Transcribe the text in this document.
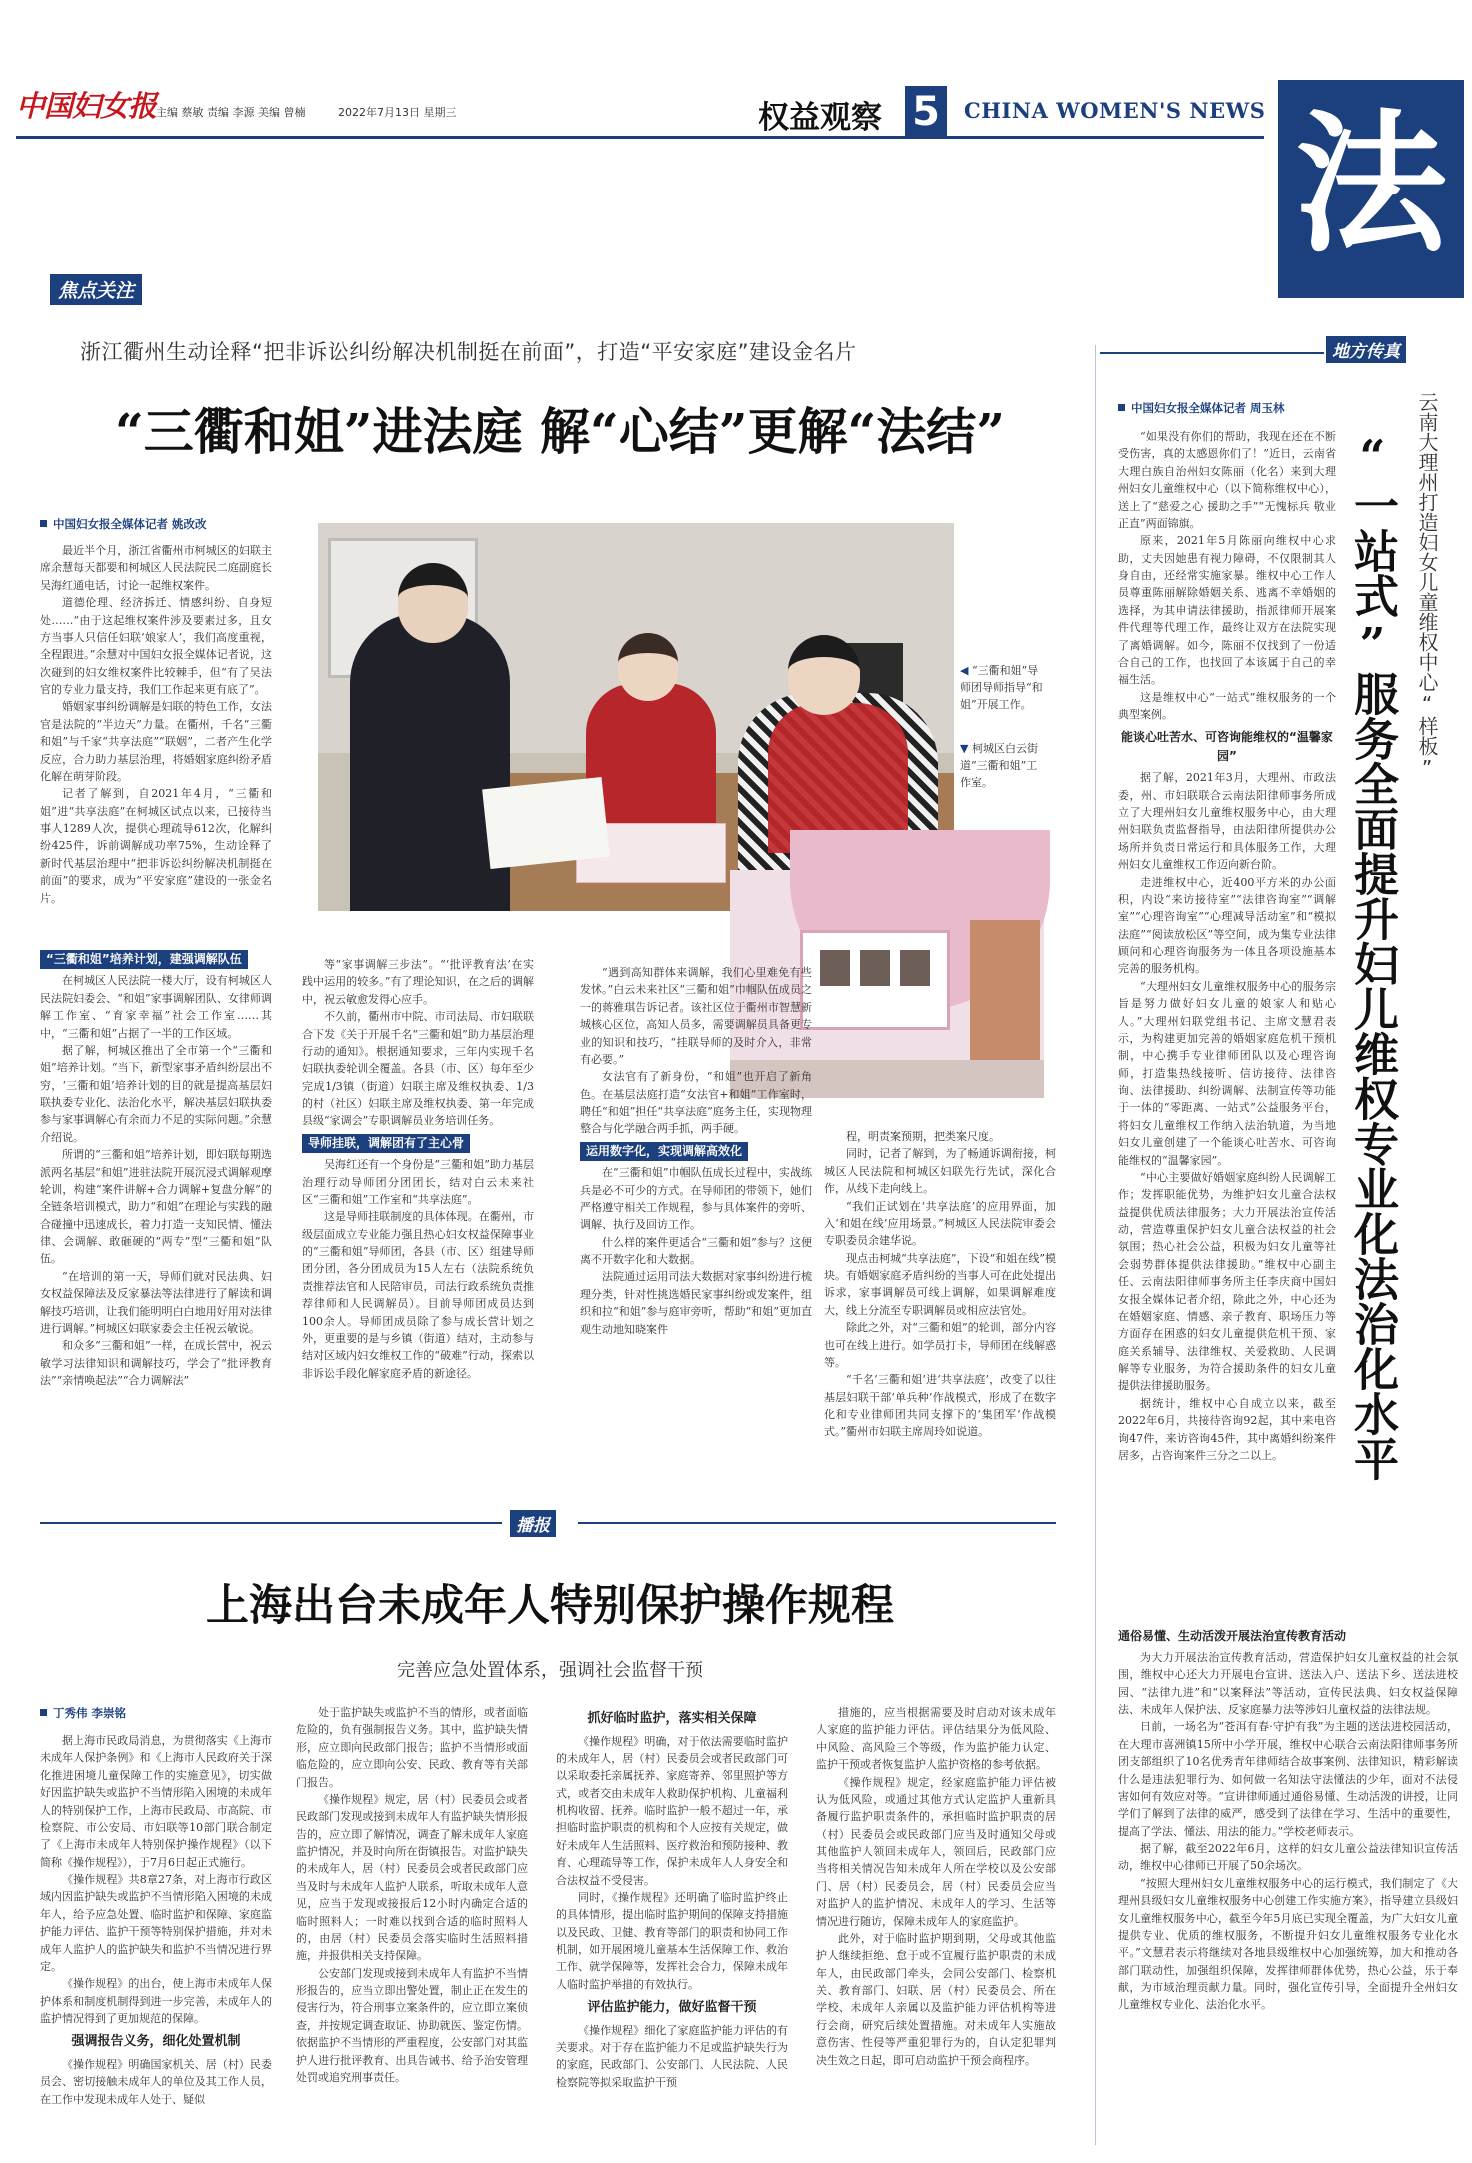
中国妇女报 主编 蔡敏 责编 李源 美编 曾楠	2022年7月13日 星期三	权益观察 5	CHINA WOMEN'S NEWS 法
焦点关注
浙江衢州生动诠释“把非诉讼纠纷解决机制挺在前面”，打造“平安家庭”建设金名片
“三衢和姐”进法庭 解“心结”更解“法结”
中国妇女报全媒体记者 姚改改

最近半个月，浙江省衢州市柯城区的妇联主席余慧每天都要和柯城区人民法院民二庭副庭长吴海红通电话，讨论一起维权案件。

道德伦理、经济拆迁、情感纠纷、自身短处……“由于这起维权案件涉及要素过多，且女方当事人只信任妇联‘娘家人’，我们高度重视，全程跟进。”余慧对中国妇女报全媒体记者说，这次碰到的妇女维权案件比较棘手，但“有了吴法官的专业力量支持，我们工作起来更有底了”。

婚姻家事纠纷调解是妇联的特色工作，女法官是法院的“半边天”力量。在衢州，千名“三衢和姐”与千家“共享法庭”“联姻”，二者产生化学反应，合力助力基层治理，将婚姻家庭纠纷矛盾化解在萌芽阶段。

记者了解到，自2021年4月，“三衢和姐”进“共享法庭”在柯城区试点以来，已接待当事人1289人次，提供心理疏导612次，化解纠纷425件，诉前调解成功率75%，生动诠释了新时代基层治理中“把非诉讼纠纷解决机制挺在前面”的要求，成为“平安家庭”建设的一张金名片。

◀ “三衢和姐”导师团导师指导“和姐”开展工作。
▼ 柯城区白云街道“三衢和姐”工作室。
“三衢和姐”培养计划，建强调解队伍

在柯城区人民法院一楼大厅，设有柯城区人民法院妇委会、“和姐”家事调解团队、女律师调解工作室、“育家幸福”社会工作室……其中，“三衢和姐”占据了一半的工作区域。

据了解，柯城区推出了全市第一个“三衢和姐”培养计划。“当下，新型家事矛盾纠纷层出不穷，‘三衢和姐’培养计划的目的就是提高基层妇联执委专业化、法治化水平，解决基层妇联执委参与家事调解心有余而力不足的实际问题。”余慧介绍说。

所谓的“三衢和姐”培养计划，即妇联每期选派两名基层“和姐”进驻法院开展沉浸式调解观摩轮训，构建“案件讲解+合力调解+复盘分解”的全链条培训模式，助力“和姐”在理论与实践的融合碰撞中迅速成长，着力打造一支知民情、懂法律、会调解、敢砸硬的“两专”型“三衢和姐”队伍。

“在培训的第一天，导师们就对民法典、妇女权益保障法及反家暴法等法律进行了解读和调解技巧培训，让我们能明明白白地用好用对法律进行调解。”柯城区妇联家委会主任祝云敏说。

和众多“三衢和姐”一样，在成长营中，祝云敏学习法律知识和调解技巧，学会了“批评教育法”“亲情唤起法”“合力调解法”

等“家事调解三步法”。“‘批评教育法’在实践中运用的较多。”有了理论知识，在之后的调解中，祝云敏愈发得心应手。

不久前，衢州市中院、市司法局、市妇联联合下发《关于开展千名“三衢和姐”助力基层治理行动的通知》。根据通知要求，三年内实现千名妇联执委轮训全覆盖。各县（市、区）每年至少完成1/3镇（街道）妇联主席及维权执委、1/3的村（社区）妇联主席及维权执委、第一年完成县级“家调会”专职调解员业务培训任务。

导师挂联，调解团有了主心骨

吴海红还有一个身份是“三衢和姐”助力基层治理行动导师团分团团长，结对白云未来社区“三衢和姐”工作室和“共享法庭”。

这是导师挂联制度的具体体现。在衢州，市级层面成立专业能力强且热心妇女权益保障事业的“三衢和姐”导师团，各县（市、区）组建导师团分团，各分团成员为15人左右（法院系统负责推荐法官和人民陪审员，司法行政系统负责推荐律师和人民调解员）。目前导师团成员达到100余人。导师团成员除了参与成长营计划之外，更重要的是与乡镇（街道）结对，主动参与结对区域内妇女维权工作的“破难”行动，探索以非诉讼手段化解家庭矛盾的新途径。

“遇到高知群体来调解，我们心里难免有些发怵。”白云未来社区“三衢和姐”巾帼队伍成员之一的蒋雅琪告诉记者。该社区位于衢州市智慧新城核心区位，高知人员多，需要调解员具备更专业的知识和技巧，“挂联导师的及时介入，非常有必要。”

女法官有了新身份，“和姐”也开启了新角色。在基层法庭打造“女法官+和姐”工作室时，聘任“和姐”担任“共享法庭”庭务主任，实现物理整合与化学融合两手抓，两手硬。

运用数字化，实现调解高效化

在“三衢和姐”巾帼队伍成长过程中，实战练兵是必不可少的方式。在导师团的带领下，她们严格遵守相关工作规程，参与具体案件的旁听、调解、执行及回访工作。

什么样的案件更适合“三衢和姐”参与？这便离不开数字化和大数据。

法院通过运用司法大数据对家事纠纷进行梳理分类，针对性挑选婚民家事纠纷或发案件，组织和拉“和姐”参与庭审旁听，帮助“和姐”更加直观生动地知晓案件

程，明责案预期，把类案尺度。

同时，记者了解到，为了畅通诉调衔接，柯城区人民法院和柯城区妇联先行先试，深化合作，从线下走向线上。

“我们正试划在‘共享法庭’的应用界面，加入‘和姐在线’应用场景。”柯城区人民法院审委会专职委员余建华说。

现点击柯城“共享法庭”，下设“和姐在线”模块。有婚姻家庭矛盾纠纷的当事人可在此处提出诉求，家事调解员可线上调解，如果调解难度大，线上分流至专职调解员或相应法官处。

除此之外，对“三衢和姐”的轮训，部分内容也可在线上进行。如学员打卡，导师团在线解惑等。

“千名‘三衢和姐’进‘共享法庭’，改变了以往基层妇联干部‘单兵种’作战模式，形成了在数字化和专业律师团共同支撑下的‘集团军’作战模式。”衢州市妇联主席周玲如说道。

播报
上海出台未成年人特别保护操作规程
完善应急处置体系，强调社会监督干预
丁秀伟 李崇铭

据上海市民政局消息，为贯彻落实《上海市未成年人保护条例》和《上海市人民政府关于深化推进困境儿童保障工作的实施意见》，切实做好因监护缺失或监护不当情形陷入困境的未成年人的特别保护工作，上海市民政局、市高院、市检察院、市公安局、市妇联等10部门联合制定了《上海市未成年人特别保护操作规程》（以下简称《操作规程》），于7月6日起正式施行。

《操作规程》共8章27条，对上海市行政区域内因监护缺失或监护不当情形陷入困境的未成年人，给予应急处置、临时监护和保障、家庭监护能力评估、监护干预等特别保护措施，并对未成年人监护人的监护缺失和监护不当情况进行界定。

《操作规程》的出台，使上海市未成年人保护体系和制度机制得到进一步完善，未成年人的监护情况得到了更加规范的保障。

强调报告义务，细化处置机制

《操作规程》明确国家机关、居（村）民委员会、密切接触未成年人的单位及其工作人员，在工作中发现未成年人处于、疑似

处于监护缺失或监护不当的情形，或者面临危险的，负有强制报告义务。其中，监护缺失情形，应立即向民政部门报告；监护不当情形或面临危险的，应立即向公安、民政、教育等有关部门报告。

《操作规程》规定，居（村）民委员会或者民政部门发现或接到未成年人有监护缺失情形报告的，应立即了解情况，调查了解未成年人家庭监护情况，并及时向所在街镇报告。对监护缺失的未成年人，居（村）民委员会或者民政部门应当及时与未成年人监护人联系，听取未成年人意见，应当于发现或接报后12小时内确定合适的临时照料人；一时难以找到合适的临时照料人的，由居（村）民委员会落实临时生活照料措施，并报供相关支持保障。

公安部门发现或接到未成年人有监护不当情形报告的，应当立即出警处置，制止正在发生的侵害行为，符合刑事立案条件的，应立即立案侦查，并按规定调查取证、协助就医、鉴定伤情。依据监护不当情形的严重程度，公安部门对其监护人进行批评教育、出具告诫书、给予治安管理处罚或追究刑事责任。

抓好临时监护，落实相关保障

《操作规程》明确，对于依法需要临时监护的未成年人，居（村）民委员会或者民政部门可以采取委托亲属抚养、家庭寄养、邻里照护等方式，或者交由未成年人救助保护机构、儿童福利机构收留、抚养。临时监护一般不超过一年，承担临时监护职责的机构和个人应按有关规定，做好未成年人生活照料、医疗救治和预防接种、教育、心理疏导等工作，保护未成年人人身安全和合法权益不受侵害。

同时，《操作规程》还明确了临时监护终止的具体情形，提出临时监护期间的保障支持措施以及民政、卫健、教育等部门的职责和协同工作机制，如开展困境儿童基本生活保障工作、救治工作、就学保障等，发挥社会合力，保障未成年人临时监护举措的有效执行。

评估监护能力，做好监督干预

《操作规程》细化了家庭监护能力评估的有关要求。对于存在监护能力不足或监护缺失行为的家庭，民政部门、公安部门、人民法院、人民检察院等拟采取监护干预

措施的，应当根据需要及时启动对该未成年人家庭的监护能力评估。评估结果分为低风险、中风险、高风险三个等级，作为监护能力认定、监护干预或者恢复监护人监护资格的参考依据。

《操作规程》规定，经家庭监护能力评估被认为低风险，或通过其他方式认定监护人重新具备履行监护职责条件的，承担临时监护职责的居（村）民委员会或民政部门应当及时通知父母或其他监护人领回未成年人，领回后，民政部门应当将相关情况告知未成年人所在学校以及公安部门、居（村）民委员会，居（村）民委员会应当对监护人的监护情况、未成年人的学习、生活等情况进行随访，保障未成年人的家庭监护。

此外，对于临时监护期到期，父母或其他监护人继续拒绝、怠于或不宜履行监护职责的未成年人，由民政部门牵头，会同公安部门、检察机关、教育部门、妇联、居（村）民委员会、所在学校、未成年人亲属以及监护能力评估机构等进行会商，研究后续处置措施。对未成年人实施故意伤害、性侵等严重犯罪行为的，自认定犯罪判决生效之日起，即可启动监护干预会商程序。

地方传真
云南大理州打造妇女儿童维权中心“样板”
“一站式”服务全面提升妇儿维权专业化法治化水平
中国妇女报全媒体记者 周玉林

“如果没有你们的帮助，我现在还在不断受伤害，真的太感恩你们了！”近日，云南省大理白族自治州妇女陈丽（化名）来到大理州妇女儿童维权中心（以下简称维权中心），送上了“慈爱之心 援助之手”“无愧标兵 敬业正直”两面锦旗。

原来，2021年5月陈丽向维权中心求助，丈夫因她患有视力障碍，不仅限制其人身自由，还经常实施家暴。维权中心工作人员尊重陈丽解除婚姻关系、逃离不幸婚姻的选择，为其申请法律援助，指派律师开展案件代理等代理工作，最终让双方在法院实现了离婚调解。如今，陈丽不仅找到了一份适合自己的工作，也找回了本该属于自己的幸福生活。

这是维权中心“一站式”维权服务的一个典型案例。

能谈心吐苦水、可咨询能维权的“温馨家园”

据了解，2021年3月，大理州、市政法委，州、市妇联联合云南法阳律师事务所成立了大理州妇女儿童维权服务中心，由大理州妇联负责监督指导，由法阳律所提供办公场所并负责日常运行和具体服务工作，大理州妇女儿童维权工作迈向新台阶。

走进维权中心，近400平方米的办公面积，内设“来访接待室”“法律咨询室”“调解室”“心理咨询室”“心理减导活动室”和“模拟法庭”“阅读放松区”等空间，成为集专业法律顾问和心理咨询服务为一体且各项设施基本完善的服务机构。

“大理州妇女儿童维权服务中心的服务宗旨是努力做好妇女儿童的娘家人和贴心人。”大理州妇联党组书记、主席文慧君表示，为构建更加完善的婚姻家庭危机干预机制，中心携手专业律师团队以及心理咨询师，打造集热线接听、信访接待、法律咨询、法律援助、纠纷调解、法制宣传等功能于一体的“零距离、一站式”公益服务平台，将妇女儿童维权工作纳入法治轨道，为当地妇女儿童创建了一个能谈心吐苦水、可咨询能维权的“温馨家园”。

“中心主要做好婚姻家庭纠纷人民调解工作；发挥职能优势，为维护妇女儿童合法权益提供优质法律服务；大力开展法治宣传活动，营造尊重保护妇女儿童合法权益的社会氛围；热心社会公益，积极为妇女儿童等社会弱势群体提供法律援助。”维权中心副主任、云南法阳律师事务所主任李庆商中国妇女报全媒体记者介绍，除此之外，中心还为在婚姻家庭、情感、亲子教育、职场压力等方面存在困惑的妇女儿童提供危机干预、家庭关系辅导、法律维权、关爱救助、人民调解等专业服务，为符合援助条件的妇女儿童提供法律援助服务。

据统计，维权中心自成立以来，截至2022年6月，共接待咨询92起，其中来电咨询47件，来访咨询45件，其中离婚纠纷案件居多，占咨询案件三分之二以上。

通俗易懂、生动活泼开展法治宣传教育活动

为大力开展法治宣传教育活动，营造保护妇女儿童权益的社会氛围，维权中心还大力开展电台宣讲、送法入户、送法下乡、送法进校园、“法律九进”和“以案释法”等活动，宣传民法典、妇女权益保障法、未成年人保护法、反家庭暴力法等涉妇儿童权益的法律法规。

日前，一场名为“苍洱有春·守护有我”为主题的送法进校园活动，在大理市喜洲镇15所中小学开展，维权中心联合云南法阳律师事务所团支部组织了10名优秀青年律师结合故事案例、法律知识，精彩解读什么是违法犯罪行为、如何做一名知法守法懂法的少年，面对不法侵害如何有效应对等。“宣讲律师通过通俗易懂、生动活泼的讲授，让同学们了解到了法律的威严，感受到了法律在学习、生活中的重要性，提高了学法、懂法、用法的能力。”学校老师表示。

据了解，截至2022年6月，这样的妇女儿童公益法律知识宣传活动，维权中心律师已开展了50余场次。

“按照大理州妇女儿童维权服务中心的运行模式，我们制定了《大理州县级妇女儿童维权服务中心创建工作实施方案》，指导建立县级妇女儿童维权服务中心，截至今年5月底已实现全覆盖，为广大妇女儿童提供专业、优质的维权服务，不断提升妇女儿童维权服务专业化水平。”文慧君表示将继续对各地县级维权中心加强统筹，加大和推动各部门联动性，加强组织保障，发挥律师群体优势，热心公益，乐于奉献，为市域治理贡献力量。同时，强化宣传引导，全面提升全州妇女儿童维权专业化、法治化水平。
